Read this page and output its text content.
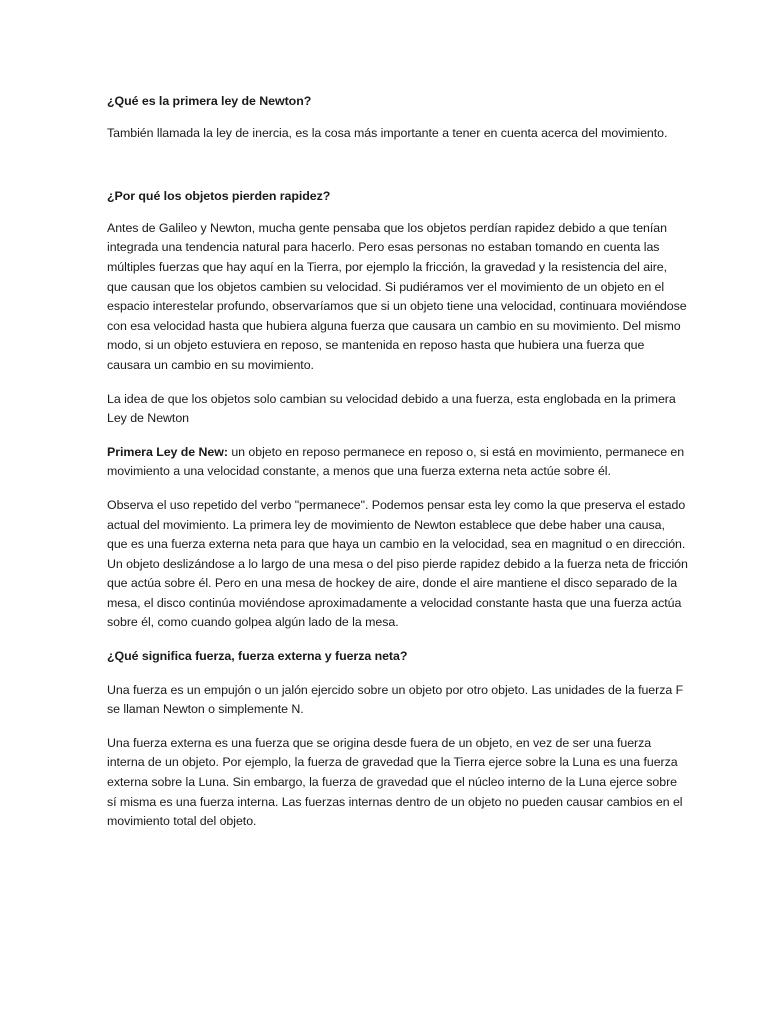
¿Qué es la primera ley de Newton?

También llamada la ley de inercia, es la cosa más importante a tener en cuenta acerca del movimiento.

¿Por qué los objetos pierden rapidez?

Antes de Galileo y Newton, mucha gente pensaba que los objetos perdían rapidez debido a que tenían integrada una tendencia natural para hacerlo. Pero esas personas no estaban tomando en cuenta las múltiples fuerzas que hay aquí en la Tierra, por ejemplo la fricción, la gravedad y la resistencia del aire, que causan que los objetos cambien su velocidad. Si pudiéramos ver el movimiento de un objeto en el espacio interestelar profundo, observaríamos que si un objeto tiene una velocidad, continuara moviéndose con esa velocidad hasta que hubiera alguna fuerza que causara un cambio en su movimiento. Del mismo modo, si un objeto estuviera en reposo, se mantenida en reposo hasta que hubiera una fuerza que causara un cambio en su movimiento.

La idea de que los objetos solo cambian su velocidad debido a una fuerza, esta englobada en la primera Ley de Newton

Primera Ley de New: un objeto en reposo permanece en reposo o, si está en movimiento, permanece en movimiento a una velocidad constante, a menos que una fuerza externa neta actúe sobre él.

Observa el uso repetido del verbo "permanece". Podemos pensar esta ley como la que preserva el estado actual del movimiento. La primera ley de movimiento de Newton establece que debe haber una causa, que es una fuerza externa neta para que haya un cambio en la velocidad, sea en magnitud o en dirección. Un objeto deslizándose a lo largo de una mesa o del piso pierde rapidez debido a la fuerza neta de fricción que actúa sobre él. Pero en una mesa de hockey de aire, donde el aire mantiene el disco separado de la mesa, el disco continúa moviéndose aproximadamente a velocidad constante hasta que una fuerza actúa sobre él, como cuando golpea algún lado de la mesa.

¿Qué significa fuerza, fuerza externa y fuerza neta?

Una fuerza es un empujón o un jalón ejercido sobre un objeto por otro objeto. Las unidades de la fuerza F se llaman Newton o simplemente N.

Una fuerza externa es una fuerza que se origina desde fuera de un objeto, en vez de ser una fuerza interna de un objeto. Por ejemplo, la fuerza de gravedad que la Tierra ejerce sobre la Luna es una fuerza externa sobre la Luna. Sin embargo, la fuerza de gravedad que el núcleo interno de la Luna ejerce sobre sí misma es una fuerza interna. Las fuerzas internas dentro de un objeto no pueden causar cambios en el movimiento total del objeto.
